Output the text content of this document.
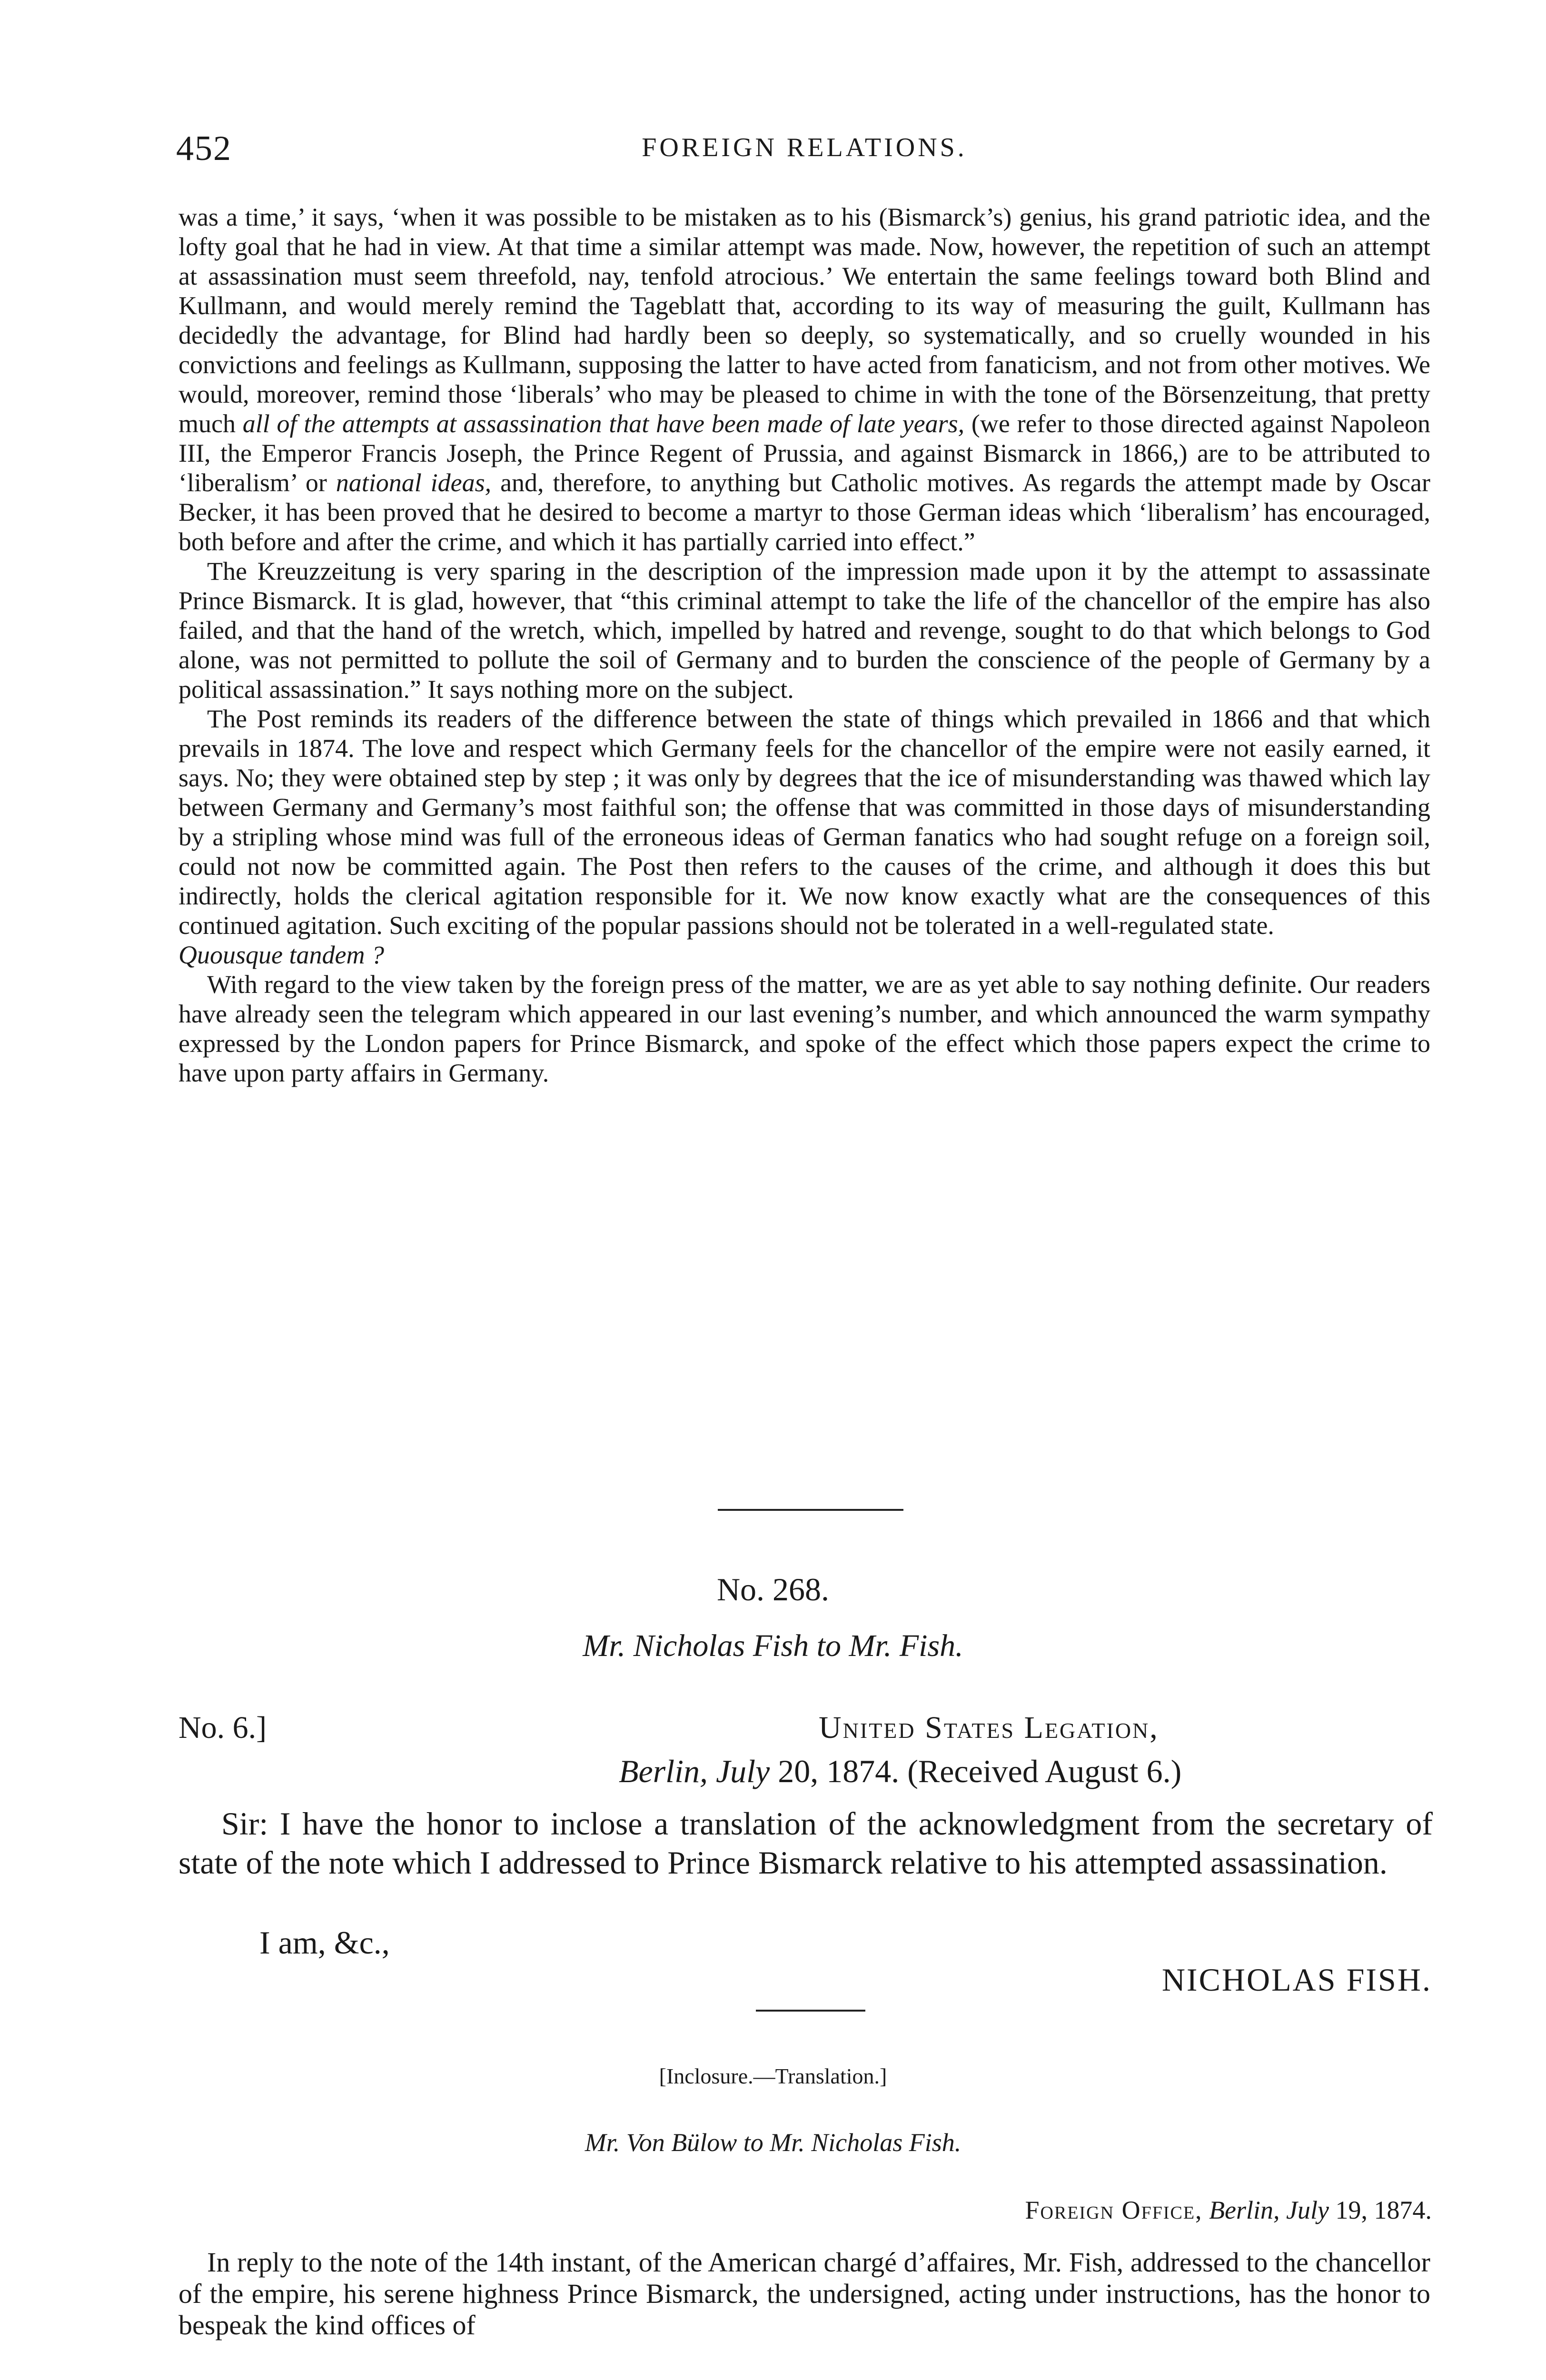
452	FOREIGN RELATIONS.

was a time,’ it says, ‘when it was possible to be mistaken as to his (Bismarck’s) genius, his grand patriotic idea, and the lofty goal that he had in view. At that time a similar attempt was made. Now, however, the repetition of such an attempt at assassination must seem threefold, nay, tenfold atrocious.’ We entertain the same feelings toward both Blind and Kullmann, and would merely remind the Tageblatt that, according to its way of measuring the guilt, Kullmann has decidedly the advantage, for Blind had hardly been so deeply, so systematically, and so cruelly wounded in his convictions and feelings as Kullmann, supposing the latter to have acted from fanaticism, and not from other motives. We would, moreover, remind those ‘liberals’ who may be pleased to chime in with the tone of the Börsenzeitung, that pretty much all of the attempts at assassination that have been made of late years, (we refer to those directed against Napoleon III, the Emperor Francis Joseph, the Prince Regent of Prussia, and against Bismarck in 1866,) are to be attributed to ‘liberalism’ or national ideas, and, therefore, to anything but Catholic motives. As regards the attempt made by Oscar Becker, it has been proved that he desired to become a martyr to those German ideas which ‘liberalism’ has encouraged, both before and after the crime, and which it has partially carried into effect.”

The Kreuzzeitung is very sparing in the description of the impression made upon it by the attempt to assassinate Prince Bismarck. It is glad, however, that “this criminal attempt to take the life of the chancellor of the empire has also failed, and that the hand of the wretch, which, impelled by hatred and revenge, sought to do that which belongs to God alone, was not permitted to pollute the soil of Germany and to burden the conscience of the people of Germany by a political assassination.” It says nothing more on the subject.

The Post reminds its readers of the difference between the state of things which prevailed in 1866 and that which prevails in 1874. The love and respect which Germany feels for the chancellor of the empire were not easily earned, it says. No; they were obtained step by step ; it was only by degrees that the ice of misunderstanding was thawed which lay between Germany and Germany’s most faithful son; the offense that was committed in those days of misunderstanding by a stripling whose mind was full of the erroneous ideas of German fanatics who had sought refuge on a foreign soil, could not now be committed again. The Post then refers to the causes of the crime, and although it does this but indirectly, holds the clerical agitation responsible for it. We now know exactly what are the consequences of this continued agitation. Such exciting of the popular passions should not be tolerated in a well-regulated state.
Quousque tandem ?

With regard to the view taken by the foreign press of the matter, we are as yet able to say nothing definite. Our readers have already seen the telegram which appeared in our last evening’s number, and which announced the warm sympathy expressed by the London papers for Prince Bismarck, and spoke of the effect which those papers expect the crime to have upon party affairs in Germany.

No. 268.
Mr. Nicholas Fish to Mr. Fish.
No. 6.]	United States Legation,
Berlin, July 20, 1874. (Received August 6.)

Sir: I have the honor to inclose a translation of the acknowledgment from the secretary of state of the note which I addressed to Prince Bismarck relative to his attempted assassination.

I am, &c.,
NICHOLAS FISH.
[Inclosure.—Translation.]
Mr. Von Bülow to Mr. Nicholas Fish.
Foreign Office, Berlin, July 19, 1874.

In reply to the note of the 14th instant, of the American chargé d’affaires, Mr. Fish, addressed to the chancellor of the empire, his serene highness Prince Bismarck, the undersigned, acting under instructions, has the honor to bespeak the kind offices of
